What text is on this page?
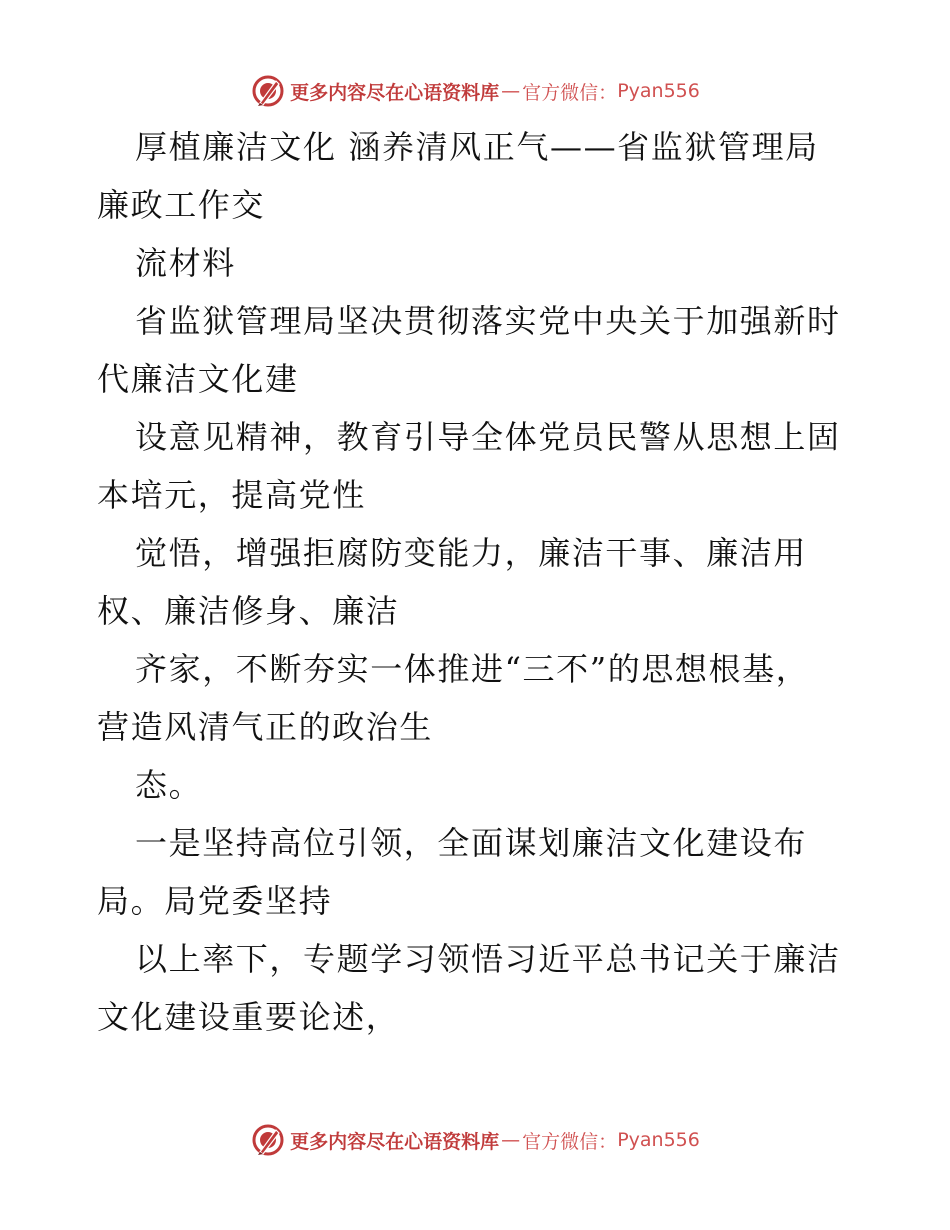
更多内容尽在心语资料库 — 官方微信： Pyan556
厚植廉洁文化 涵养清风正气——省监狱管理局
廉政工作交
流材料
省监狱管理局坚决贯彻落实党中央关于加强新时
代廉洁文化建
设意见精神，教育引导全体党员民警从思想上固
本培元，提高党性
觉悟，增强拒腐防变能力，廉洁干事、廉洁用
权、廉洁修身、廉洁
齐家，不断夯实一体推进“三不”的思想根基，
营造风清气正的政治生
态。
一是坚持高位引领，全面谋划廉洁文化建设布
局。局党委坚持
以上率下，专题学习领悟习近平总书记关于廉洁
文化建设重要论述，
更多内容尽在心语资料库 — 官方微信： Pyan556
